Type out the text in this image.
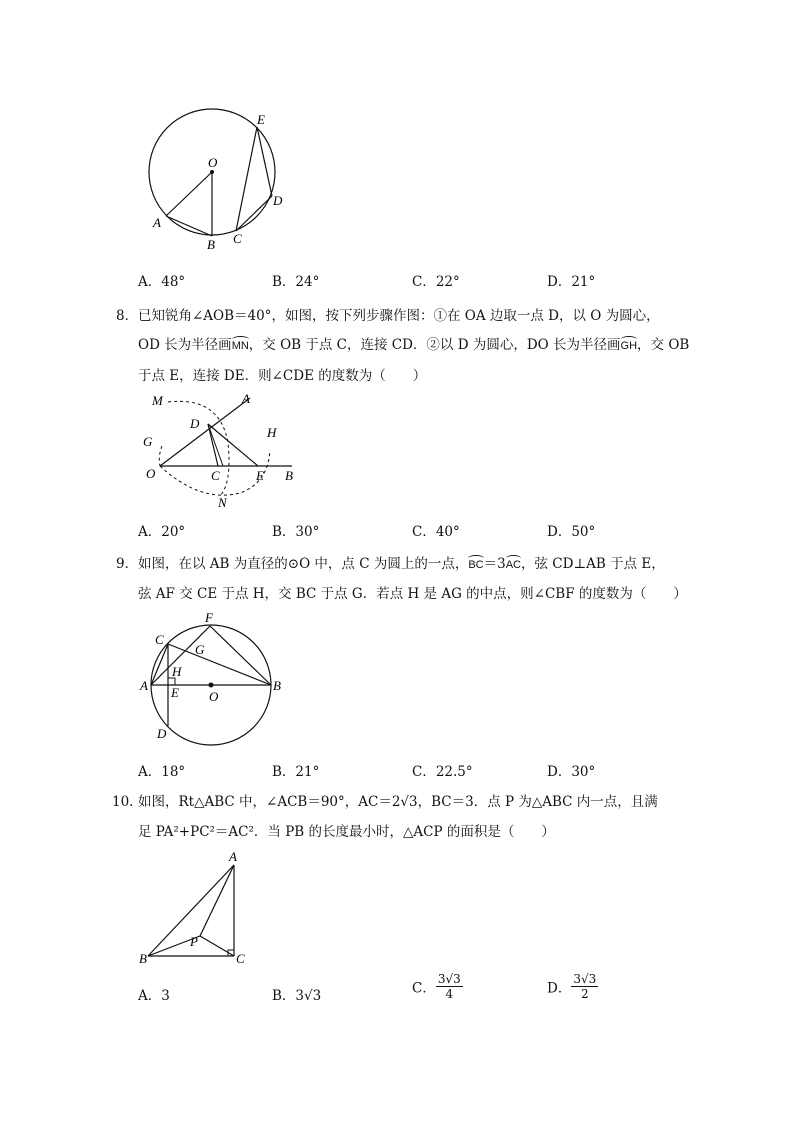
O
E
D
A
B C
A．48°	B．24°	C．22°	D．21°
8． 已知锐角∠AOB＝40°，如图，按下列步骤作图：①在 OA 边取一点 D，以 O 为圆心，
OD 长为半径画MN，交 OB 于点 C，连接 CD．②以 D 为圆心，DO 长为半径画GH，交 OB
于点 E，连接 DE．则∠CDE 的度数为（　　）
M	A
D
G
H
O	C	E B
N
A．20°	B．30°	C．40°	D．50°
9． 如图，在以 AB 为直径的⊙O 中，点 C 为圆上的一点，BC＝3AC，弦 CD⊥AB 于点 E，
弦 AF 交 CE 于点 H，交 BC 于点 G．若点 H 是 AG 的中点，则∠CBF 的度数为（　　）
F
C
G
H
A E O
B
D
A．18°	B．21°	C．22.5°	D．30°
10．
如图，Rt△ABC 中，∠ACB＝90°，AC＝2√3，BC＝3．点 P 为△ABC 内一点，且满
足 PA²+PC²＝AC²．当 PB 的长度最小时，△ACP 的面积是（　　）
A
P
B	C
A．3	B．3√3	C． $\frac{3√3}{4}$	D． $\frac{3√3}{2}$
